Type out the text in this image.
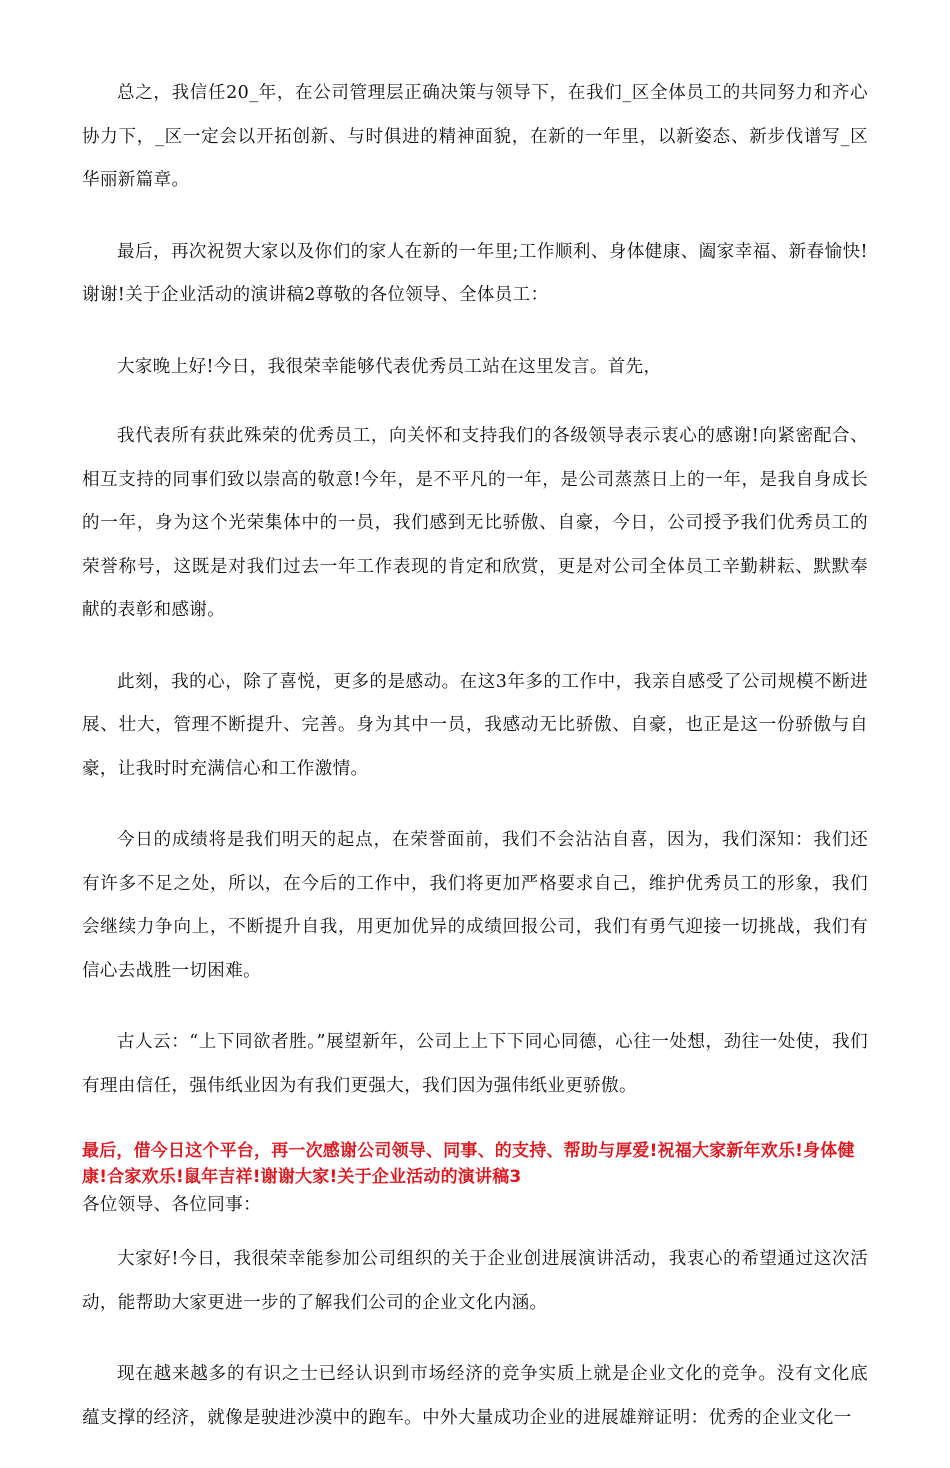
总之，我信任20_年，在公司管理层正确决策与领导下，在我们_区全体员工的共同努力和齐心协力下，_区一定会以开拓创新、与时俱进的精神面貌，在新的一年里，以新姿态、新步伐谱写_区华丽新篇章。

最后，再次祝贺大家以及你们的家人在新的一年里;工作顺利、身体健康、阖家幸福、新春愉快!谢谢!关于企业活动的演讲稿2尊敬的各位领导、全体员工：

大家晚上好!今日，我很荣幸能够代表优秀员工站在这里发言。首先，

我代表所有获此殊荣的优秀员工，向关怀和支持我们的各级领导表示衷心的感谢!向紧密配合、相互支持的同事们致以崇高的敬意!今年，是不平凡的一年，是公司蒸蒸日上的一年，是我自身成长的一年，身为这个光荣集体中的一员，我们感到无比骄傲、自豪，今日，公司授予我们优秀员工的荣誉称号，这既是对我们过去一年工作表现的肯定和欣赏，更是对公司全体员工辛勤耕耘、默默奉献的表彰和感谢。

此刻，我的心，除了喜悦，更多的是感动。在这3年多的工作中，我亲自感受了公司规模不断进展、壮大，管理不断提升、完善。身为其中一员，我感动无比骄傲、自豪，也正是这一份骄傲与自豪，让我时时充满信心和工作激情。

今日的成绩将是我们明天的起点，在荣誉面前，我们不会沾沾自喜，因为，我们深知：我们还有许多不足之处，所以，在今后的工作中，我们将更加严格要求自己，维护优秀员工的形象，我们会继续力争向上，不断提升自我，用更加优异的成绩回报公司，我们有勇气迎接一切挑战，我们有信心去战胜一切困难。

古人云：“上下同欲者胜。”展望新年，公司上上下下同心同德，心往一处想，劲往一处使，我们有理由信任，强伟纸业因为有我们更强大，我们因为强伟纸业更骄傲。

最后，借今日这个平台，再一次感谢公司领导、同事、的支持、帮助与厚爱!祝福大家新年欢乐!身体健康!合家欢乐!鼠年吉祥!谢谢大家!关于企业活动的演讲稿3

各位领导、各位同事：

大家好!今日，我很荣幸能参加公司组织的关于企业创进展演讲活动，我衷心的希望通过这次活动，能帮助大家更进一步的了解我们公司的企业文化内涵。

现在越来越多的有识之士已经认识到市场经济的竞争实质上就是企业文化的竞争。没有文化底蕴支撑的经济，就像是驶进沙漠中的跑车。中外大量成功企业的进展雄辩证明：优秀的企业文化一
